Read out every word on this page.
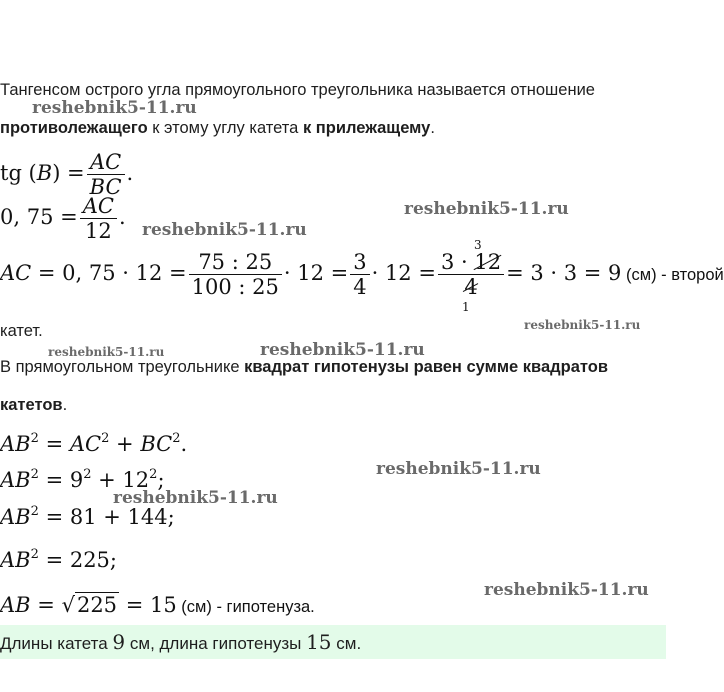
Тангенсом острого угла прямоугольного треугольника называется отношение
противолежащего к этому углу катета к прилежащему.
tg $(B) = \frac{AC}{BC}$ .
0, $75 = \frac{AC}{12}$ .
AC = 0, $75 \cdot 12 = \frac{75 : 25}{100 : 25} \cdot 12 = \frac{3}{4} \cdot 12$ =
3
3 · 12
4
1
= 3 · 3 = 9 (см) - второй
катет.
В прямоугольном треугольнике квадрат гипотенузы равен сумме квадратов
катетов.
$AB^2 = AC^2 + BC^2$.
$AB^2 = 9^2 + 12^2$;
$AB^2 = 81 + 144$;
$AB^2 = 225$;
AB = √225 = 15 (см) - гипотенуза.
Длины катета 9 см, длина гипотенузы 15 см.
reshebnik5-11.ru
reshebnik5-11.ru
reshebnik5-11.ru
reshebnik5-11.ru
reshebnik5-11.ru	reshebnik5-11.ru
reshebnik5-11.ru
reshebnik5-11.ru
reshebnik5-11.ru
